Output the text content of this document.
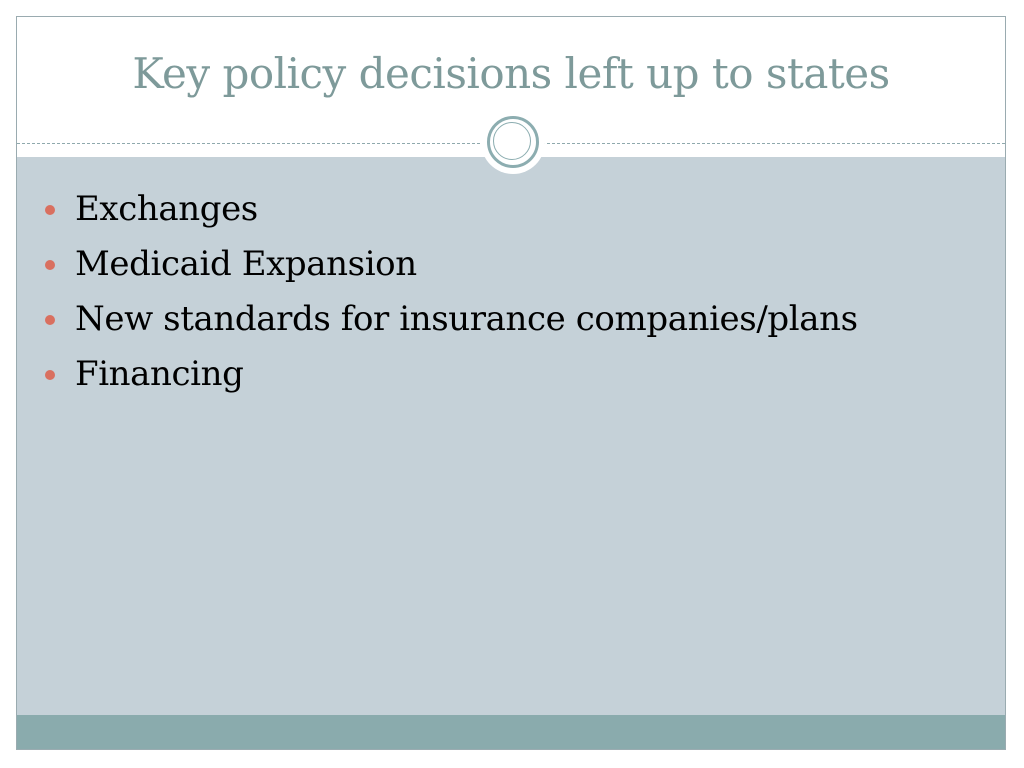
Key policy decisions left up to states
Exchanges
Medicaid Expansion
New standards for insurance companies/plans
Financing
